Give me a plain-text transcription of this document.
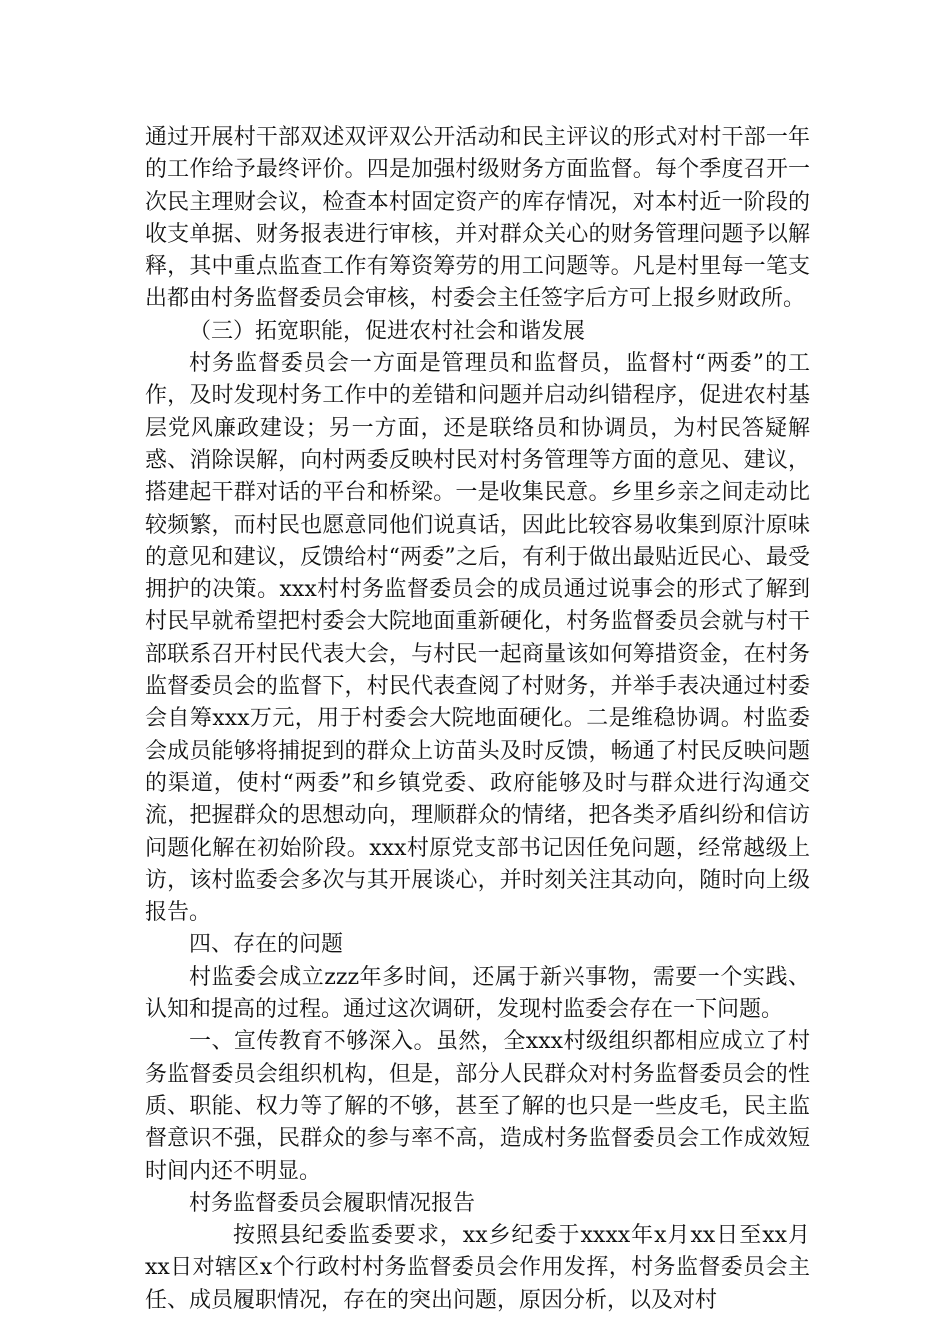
通过开展村干部双述双评双公开活动和民主评议的形式对村干部一年的工作给予最终评价。四是加强村级财务方面监督。每个季度召开一次民主理财会议，检查本村固定资产的库存情况，对本村近一阶段的收支单据、财务报表进行审核，并对群众关心的财务管理问题予以解释，其中重点监查工作有筹资筹劳的用工问题等。凡是村里每一笔支出都由村务监督委员会审核，村委会主任签字后方可上报乡财政所。

（三）拓宽职能，促进农村社会和谐发展

村务监督委员会一方面是管理员和监督员，监督村“两委”的工作，及时发现村务工作中的差错和问题并启动纠错程序，促进农村基层党风廉政建设；另一方面，还是联络员和协调员，为村民答疑解惑、消除误解，向村两委反映村民对村务管理等方面的意见、建议，搭建起干群对话的平台和桥梁。一是收集民意。乡里乡亲之间走动比较频繁，而村民也愿意同他们说真话，因此比较容易收集到原汁原味的意见和建议，反馈给村“两委”之后，有利于做出最贴近民心、最受拥护的决策。xxx村村务监督委员会的成员通过说事会的形式了解到村民早就希望把村委会大院地面重新硬化，村务监督委员会就与村干部联系召开村民代表大会，与村民一起商量该如何筹措资金，在村务监督委员会的监督下，村民代表查阅了村财务，并举手表决通过村委会自筹xxx万元，用于村委会大院地面硬化。二是维稳协调。村监委会成员能够将捕捉到的群众上访苗头及时反馈，畅通了村民反映问题的渠道，使村“两委”和乡镇党委、政府能够及时与群众进行沟通交流，把握群众的思想动向，理顺群众的情绪，把各类矛盾纠纷和信访问题化解在初始阶段。xxx村原党支部书记因任免问题，经常越级上访，该村监委会多次与其开展谈心，并时刻关注其动向，随时向上级报告。

四、存在的问题

村监委会成立zzz年多时间，还属于新兴事物，需要一个实践、认知和提高的过程。通过这次调研，发现村监委会存在一下问题。

一、宣传教育不够深入。虽然，全xxx村级组织都相应成立了村务监督委员会组织机构，但是，部分人民群众对村务监督委员会的性质、职能、权力等了解的不够，甚至了解的也只是一些皮毛，民主监督意识不强，民群众的参与率不高，造成村务监督委员会工作成效短时间内还不明显。

村务监督委员会履职情况报告

按照县纪委监委要求，xx乡纪委于xxxx年x月xx日至xx月xx日对辖区x个行政村村务监督委员会作用发挥，村务监督委员会主任、成员履职情况，存在的突出问题，原因分析，以及对村
